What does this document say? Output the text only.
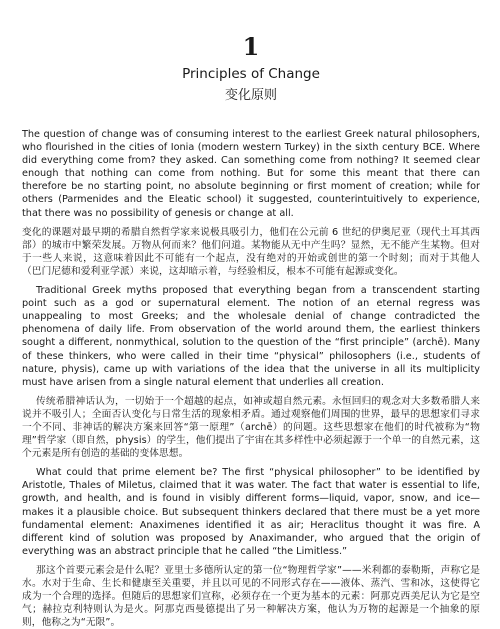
1
Principles of Change
变化原则

The question of change was of consuming interest to the earliest Greek natural philosophers, who flourished in the cities of Ionia (modern western Turkey) in the sixth century BCE. Where did everything come from? they asked. Can something come from nothing? It seemed clear enough that nothing can come from nothing. But for some this meant that there can therefore be no starting point, no absolute beginning or first moment of creation; while for others (Parmenides and the Eleatic school) it suggested, counterintuitively to experience, that there was no possibility of genesis or change at all.

变化的课题对最早期的希腊自然哲学家来说极具吸引力，他们在公元前 6 世纪的伊奥尼亚（现代土耳其西部）的城市中繁荣发展。万物从何而来？他们问道。某物能从无中产生吗？显然，无不能产生某物。但对于一些人来说，这意味着因此不可能有一个起点，没有绝对的开始或创世的第一个时刻；而对于其他人（巴门尼德和爱利亚学派）来说，这却暗示着，与经验相反，根本不可能有起源或变化。

Traditional Greek myths proposed that everything began from a transcendent starting point such as a god or supernatural element. The notion of an eternal regress was unappealing to most Greeks; and the wholesale denial of change contradicted the phenomena of daily life. From observation of the world around them, the earliest thinkers sought a different, nonmythical, solution to the question of the “first principle” (archē). Many of these thinkers, who were called in their time “physical” philosophers (i.e., students of nature, physis), came up with variations of the idea that the universe in all its multiplicity must have arisen from a single natural element that underlies all creation.

传统希腊神话认为，一切始于一个超越的起点，如神或超自然元素。永恒回归的观念对大多数希腊人来说并不吸引人；全面否认变化与日常生活的现象相矛盾。通过观察他们周围的世界，最早的思想家们寻求一个不同、非神话的解决方案来回答“第一原理”（archē）的问题。这些思想家在他们的时代被称为“物理”哲学家（即自然，physis）的学生，他们提出了宇宙在其多样性中必须起源于一个单一的自然元素，这个元素是所有创造的基础的变体思想。

What could that prime element be? The first “physical philosopher” to be identified by Aristotle, Thales of Miletus, claimed that it was water. The fact that water is essential to life, growth, and health, and is found in visibly different forms—liquid, vapor, snow, and ice—makes it a plausible choice. But subsequent thinkers declared that there must be a yet more fundamental element: Anaximenes identified it as air; Heraclitus thought it was fire. A different kind of solution was proposed by Anaximander, who argued that the origin of everything was an abstract principle that he called “the Limitless.”

那这个首要元素会是什么呢？亚里士多德所认定的第一位“物理哲学家”——米利都的泰勒斯，声称它是水。水对于生命、生长和健康至关重要，并且以可见的不同形式存在——液体、蒸汽、雪和冰，这使得它成为一个合理的选择。但随后的思想家们宣称，必须存在一个更为基本的元素：阿那克西美尼认为它是空气；赫拉克利特则认为是火。阿那克西曼德提出了另一种解决方案，他认为万物的起源是一个抽象的原则，他称之为“无限”。
